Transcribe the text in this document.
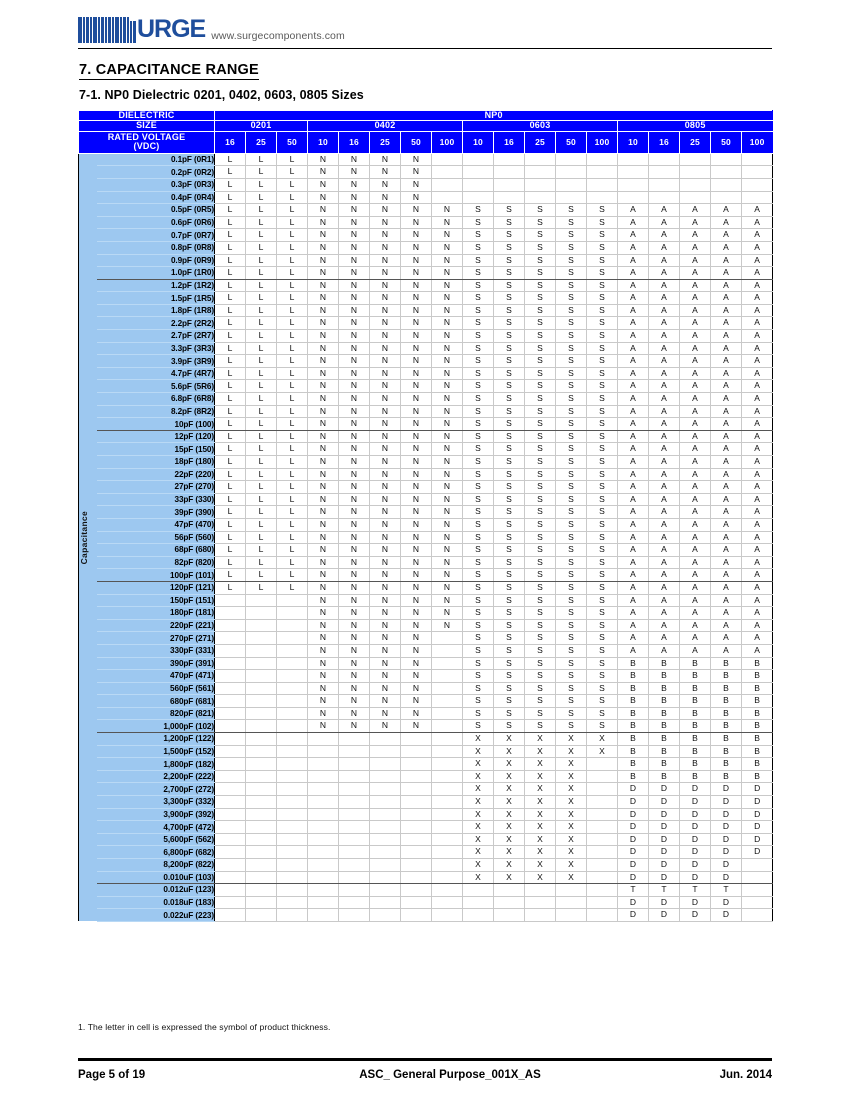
URGE www.surgecomponents.com
7. CAPACITANCE RANGE
7-1. NP0 Dielectric 0201, 0402, 0603, 0805 Sizes
DIELECTRIC		NP0																	
SIZE		0201			0402					0603					0805				
RATED VOLTAGE
(VDC)		16	25	50	10	16	25	50	100	10	16	25	50	100	10	16	25	50	100

Capacitance	0.1pF (0R1)	L	L	L	N	N	N	N											
	0.2pF (0R2)	L	L	L	N	N	N	N											
	0.3pF (0R3)	L	L	L	N	N	N	N											
	0.4pF (0R4)	L	L	L	N	N	N	N											
	0.5pF (0R5)	L	L	L	N	N	N	N	N	S	S	S	S	S	A	A	A	A	A
	0.6pF (0R6)	L	L	L	N	N	N	N	N	S	S	S	S	S	A	A	A	A	A
	0.7pF (0R7)	L	L	L	N	N	N	N	N	S	S	S	S	S	A	A	A	A	A
	0.8pF (0R8)	L	L	L	N	N	N	N	N	S	S	S	S	S	A	A	A	A	A
	0.9pF (0R9)	L	L	L	N	N	N	N	N	S	S	S	S	S	A	A	A	A	A
	1.0pF (1R0)	L	L	L	N	N	N	N	N	S	S	S	S	S	A	A	A	A	A
	1.2pF (1R2)	L	L	L	N	N	N	N	N	S	S	S	S	S	A	A	A	A	A
	1.5pF (1R5)	L	L	L	N	N	N	N	N	S	S	S	S	S	A	A	A	A	A
	1.8pF (1R8)	L	L	L	N	N	N	N	N	S	S	S	S	S	A	A	A	A	A
	2.2pF (2R2)	L	L	L	N	N	N	N	N	S	S	S	S	S	A	A	A	A	A
	2.7pF (2R7)	L	L	L	N	N	N	N	N	S	S	S	S	S	A	A	A	A	A
	3.3pF (3R3)	L	L	L	N	N	N	N	N	S	S	S	S	S	A	A	A	A	A
	3.9pF (3R9)	L	L	L	N	N	N	N	N	S	S	S	S	S	A	A	A	A	A
	4.7pF (4R7)	L	L	L	N	N	N	N	N	S	S	S	S	S	A	A	A	A	A
	5.6pF (5R6)	L	L	L	N	N	N	N	N	S	S	S	S	S	A	A	A	A	A
	6.8pF (6R8)	L	L	L	N	N	N	N	N	S	S	S	S	S	A	A	A	A	A
	8.2pF (8R2)	L	L	L	N	N	N	N	N	S	S	S	S	S	A	A	A	A	A
	10pF (100)	L	L	L	N	N	N	N	N	S	S	S	S	S	A	A	A	A	A
	12pF (120)	L	L	L	N	N	N	N	N	S	S	S	S	S	A	A	A	A	A
	15pF (150)	L	L	L	N	N	N	N	N	S	S	S	S	S	A	A	A	A	A
	18pF (180)	L	L	L	N	N	N	N	N	S	S	S	S	S	A	A	A	A	A
	22pF (220)	L	L	L	N	N	N	N	N	S	S	S	S	S	A	A	A	A	A
	27pF (270)	L	L	L	N	N	N	N	N	S	S	S	S	S	A	A	A	A	A
	33pF (330)	L	L	L	N	N	N	N	N	S	S	S	S	S	A	A	A	A	A
	39pF (390)	L	L	L	N	N	N	N	N	S	S	S	S	S	A	A	A	A	A
	47pF (470)	L	L	L	N	N	N	N	N	S	S	S	S	S	A	A	A	A	A
	56pF (560)	L	L	L	N	N	N	N	N	S	S	S	S	S	A	A	A	A	A
	68pF (680)	L	L	L	N	N	N	N	N	S	S	S	S	S	A	A	A	A	A
	82pF (820)	L	L	L	N	N	N	N	N	S	S	S	S	S	A	A	A	A	A
	100pF (101)	L	L	L	N	N	N	N	N	S	S	S	S	S	A	A	A	A	A
	120pF (121)	L	L	L	N	N	N	N	N	S	S	S	S	S	A	A	A	A	A
	150pF (151)				N	N	N	N	N	S	S	S	S	S	A	A	A	A	A
	180pF (181)				N	N	N	N	N	S	S	S	S	S	A	A	A	A	A
	220pF (221)				N	N	N	N	N	S	S	S	S	S	A	A	A	A	A
	270pF (271)				N	N	N	N		S	S	S	S	S	A	A	A	A	A
	330pF (331)				N	N	N	N		S	S	S	S	S	A	A	A	A	A
	390pF (391)				N	N	N	N		S	S	S	S	S	B	B	B	B	B
	470pF (471)				N	N	N	N		S	S	S	S	S	B	B	B	B	B
	560pF (561)				N	N	N	N		S	S	S	S	S	B	B	B	B	B
	680pF (681)				N	N	N	N		S	S	S	S	S	B	B	B	B	B
	820pF (821)				N	N	N	N		S	S	S	S	S	B	B	B	B	B
	1,000pF (102)				N	N	N	N		S	S	S	S	S	B	B	B	B	B
	1,200pF (122)									X	X	X	X	X	B	B	B	B	B
	1,500pF (152)									X	X	X	X	X	B	B	B	B	B
	1,800pF (182)									X	X	X	X		B	B	B	B	B
	2,200pF (222)									X	X	X	X		B	B	B	B	B
	2,700pF (272)									X	X	X	X		D	D	D	D	D
	3,300pF (332)									X	X	X	X		D	D	D	D	D
	3,900pF (392)									X	X	X	X		D	D	D	D	D
	4,700pF (472)									X	X	X	X		D	D	D	D	D
	5,600pF (562)									X	X	X	X		D	D	D	D	D
	6,800pF (682)									X	X	X	X		D	D	D	D	D
	8,200pF (822)									X	X	X	X		D	D	D	D	
	0.010uF (103)									X	X	X	X		D	D	D	D	
	0.012uF (123)														T	T	T	T	
	0.018uF (183)														D	D	D	D	
	0.022uF (223)														D	D	D	D	
1. The letter in cell is expressed the symbol of product thickness.
Page 5 of 19	ASC_ General Purpose_001X_AS	Jun. 2014
